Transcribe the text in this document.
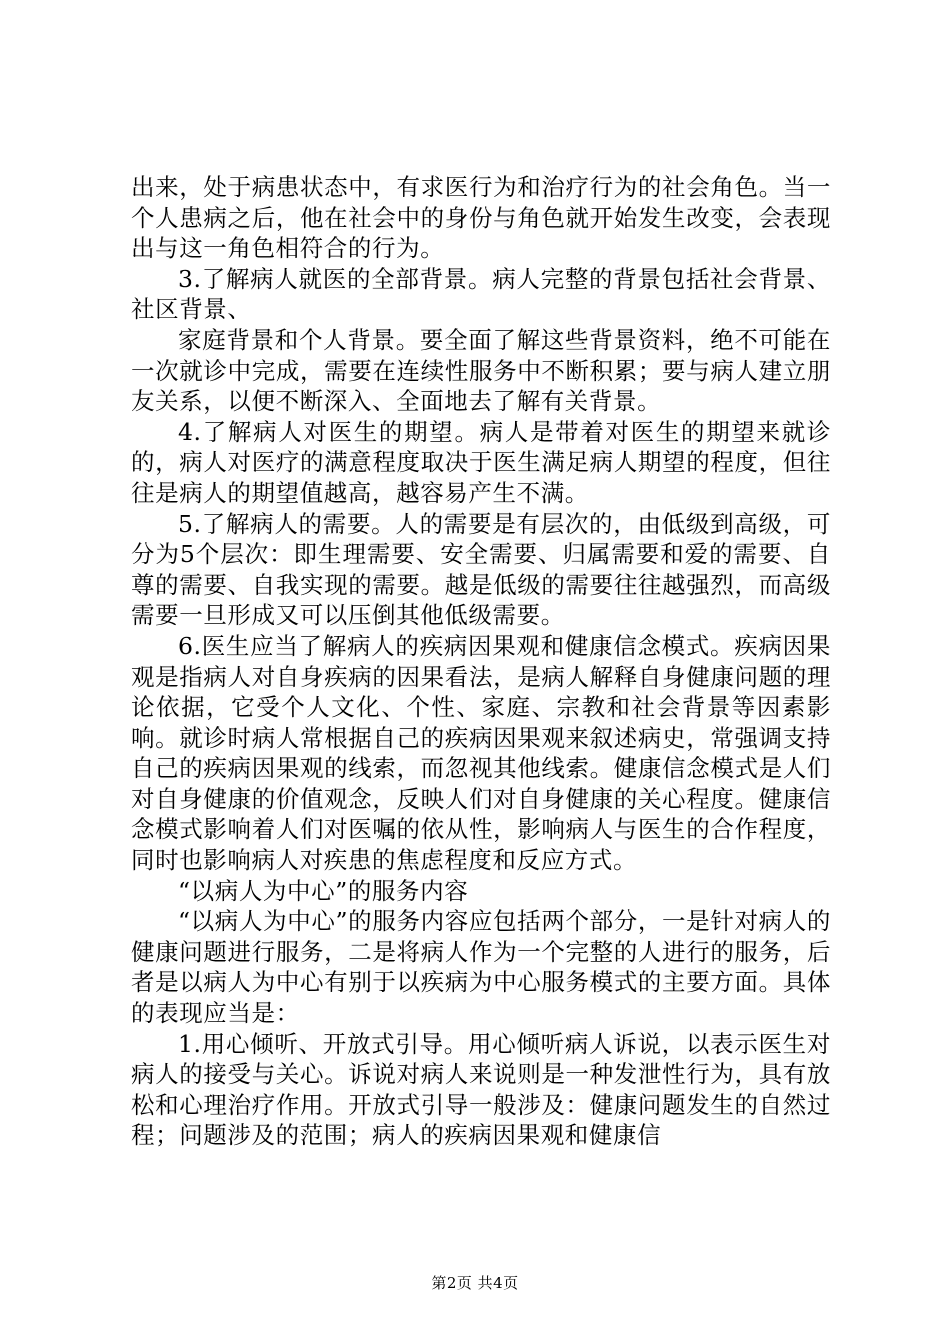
出来，处于病患状态中，有求医行为和治疗行为的社会角色。当一个人患病之后，他在社会中的身份与角色就开始发生改变，会表现出与这一角色相符合的行为。

3.了解病人就医的全部背景。病人完整的背景包括社会背景、社区背景、

家庭背景和个人背景。要全面了解这些背景资料，绝不可能在一次就诊中完成，需要在连续性服务中不断积累；要与病人建立朋友关系，以便不断深入、全面地去了解有关背景。

4.了解病人对医生的期望。病人是带着对医生的期望来就诊的，病人对医疗的满意程度取决于医生满足病人期望的程度，但往往是病人的期望值越高，越容易产生不满。

5.了解病人的需要。人的需要是有层次的，由低级到高级，可分为5个层次：即生理需要、安全需要、归属需要和爱的需要、自尊的需要、自我实现的需要。越是低级的需要往往越强烈，而高级需要一旦形成又可以压倒其他低级需要。

6.医生应当了解病人的疾病因果观和健康信念模式。疾病因果观是指病人对自身疾病的因果看法，是病人解释自身健康问题的理论依据，它受个人文化、个性、家庭、宗教和社会背景等因素影响。就诊时病人常根据自己的疾病因果观来叙述病史，常强调支持自己的疾病因果观的线索，而忽视其他线索。健康信念模式是人们对自身健康的价值观念，反映人们对自身健康的关心程度。健康信念模式影响着人们对医嘱的依从性，影响病人与医生的合作程度，同时也影响病人对疾患的焦虑程度和反应方式。

“以病人为中心”的服务内容

“以病人为中心”的服务内容应包括两个部分，一是针对病人的健康问题进行服务，二是将病人作为一个完整的人进行的服务，后者是以病人为中心有别于以疾病为中心服务模式的主要方面。具体的表现应当是：

1.用心倾听、开放式引导。用心倾听病人诉说，以表示医生对病人的接受与关心。诉说对病人来说则是一种发泄性行为，具有放松和心理治疗作用。开放式引导一般涉及：健康问题发生的自然过程；问题涉及的范围；病人的疾病因果观和健康信

第2页 共4页
